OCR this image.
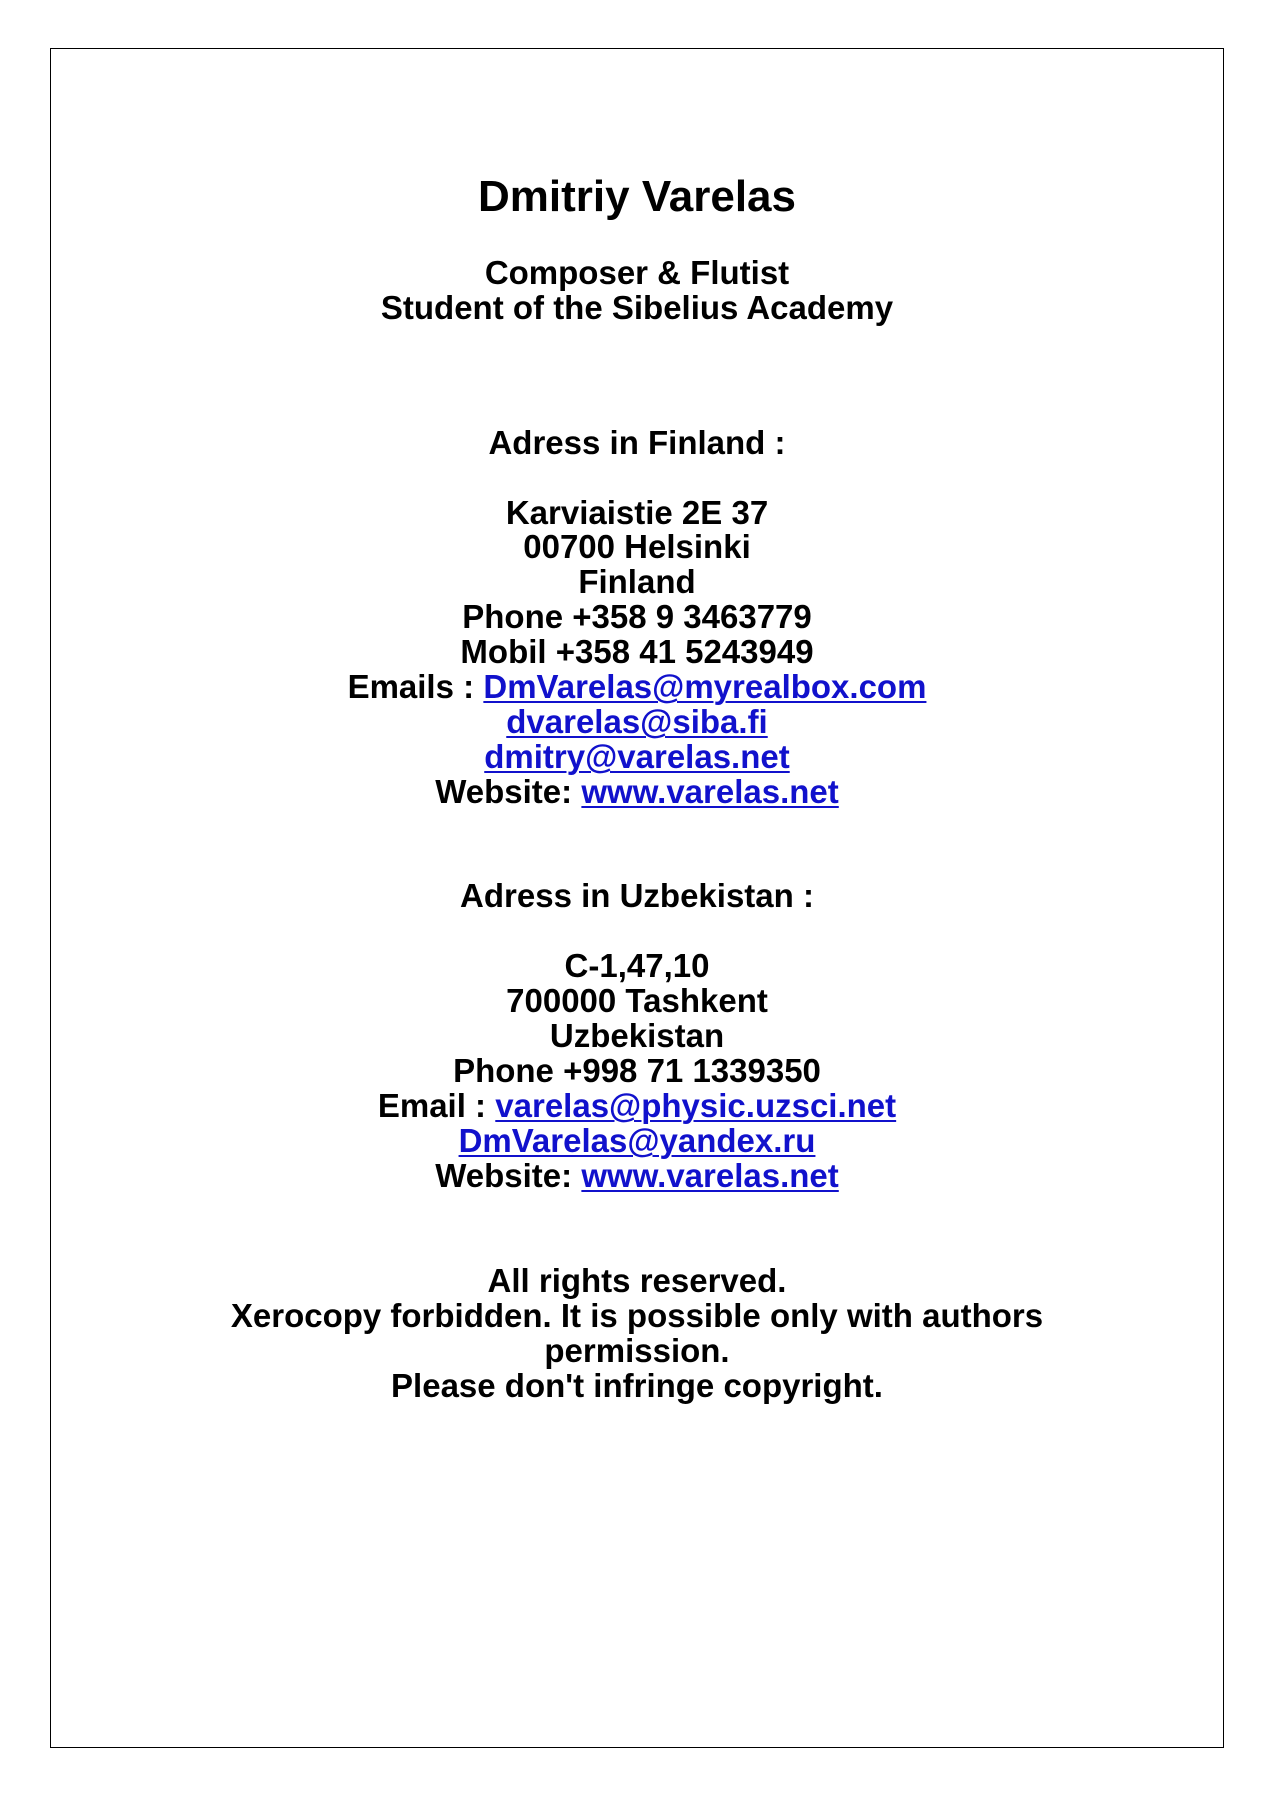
Dmitriy Varelas
Composer & Flutist
Student of the Sibelius Academy
Adress in Finland :
Karviaistie 2E 37
00700 Helsinki
Finland
Phone +358 9 3463779
Mobil +358 41 5243949
Emails : DmVarelas@myrealbox.com
dvarelas@siba.fi
dmitry@varelas.net
Website: www.varelas.net
Adress in Uzbekistan :
C-1,47,10
700000 Tashkent
Uzbekistan
Phone +998 71 1339350
Email : varelas@physic.uzsci.net
DmVarelas@yandex.ru
Website: www.varelas.net
All rights reserved.
Xerocopy forbidden. It is possible only with authors
permission.
Please don't infringe copyright.
